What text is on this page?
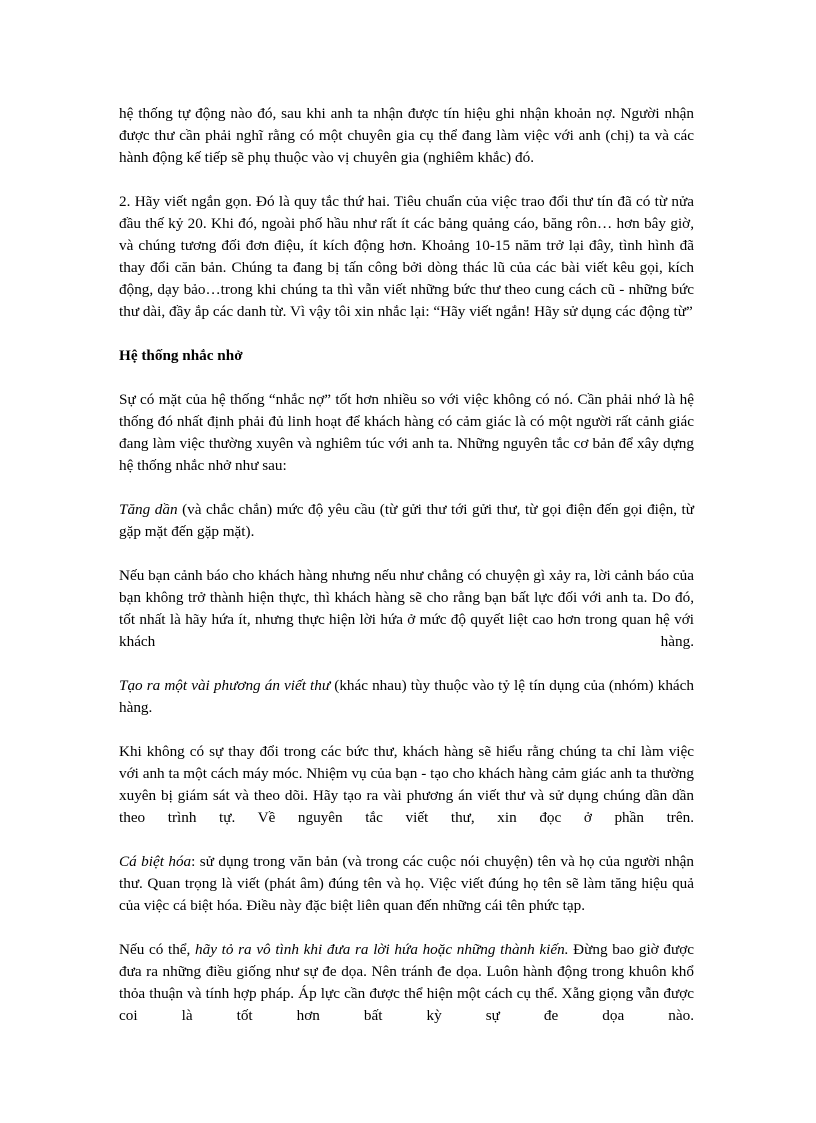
hệ thống tự động nào đó, sau khi anh ta nhận được tín hiệu ghi nhận khoản nợ. Người nhận được thư cần phải nghĩ rằng có một chuyên gia cụ thể đang làm việc với anh (chị) ta và các hành động kế tiếp sẽ phụ thuộc vào vị chuyên gia (nghiêm khắc) đó.

2. Hãy viết ngắn gọn. Đó là quy tắc thứ hai. Tiêu chuẩn của việc trao đổi thư tín đã có từ nửa đầu thế kỷ 20. Khi đó, ngoài phố hầu như rất ít các bảng quảng cáo, băng rôn… hơn bây giờ, và chúng tương đối đơn điệu, ít kích động hơn. Khoảng 10-15 năm trở lại đây, tình hình đã thay đổi căn bản. Chúng ta đang bị tấn công bởi dòng thác lũ của các bài viết kêu gọi, kích động, dạy bảo…trong khi chúng ta thì vẫn viết những bức thư theo cung cách cũ - những bức thư dài, đầy ắp các danh từ. Vì vậy tôi xin nhắc lại: “Hãy viết ngắn! Hãy sử dụng các động từ”

Hệ thống nhắc nhở

Sự có mặt của hệ thống “nhắc nợ” tốt hơn nhiều so với việc không có nó. Cần phải nhớ là hệ thống đó nhất định phải đủ linh hoạt để khách hàng có cảm giác là có một người rất cảnh giác đang làm việc thường xuyên và nghiêm túc với anh ta. Những nguyên tắc cơ bản để xây dựng hệ thống nhắc nhở như sau:

Tăng dần (và chắc chắn) mức độ yêu cầu (từ gửi thư tới gửi thư, từ gọi điện đến gọi điện, từ gặp mặt đến gặp mặt).

Nếu bạn cảnh báo cho khách hàng nhưng nếu như chẳng có chuyện gì xảy ra, lời cảnh báo của bạn không trở thành hiện thực, thì khách hàng sẽ cho rằng bạn bất lực đối với anh ta. Do đó, tốt nhất là hãy hứa ít, nhưng thực hiện lời hứa ở mức độ quyết liệt cao hơn trong quan hệ với khách hàng.

Tạo ra một vài phương án viết thư (khác nhau) tùy thuộc vào tỷ lệ tín dụng của (nhóm) khách hàng.

Khi không có sự thay đổi trong các bức thư, khách hàng sẽ hiểu rằng chúng ta chỉ làm việc với anh ta một cách máy móc. Nhiệm vụ của bạn - tạo cho khách hàng cảm giác anh ta thường xuyên bị giám sát và theo dõi. Hãy tạo ra vài phương án viết thư và sử dụng chúng dần dần theo trình tự. Về nguyên tắc viết thư, xin đọc ở phần trên.

Cá biệt hóa: sử dụng trong văn bản (và trong các cuộc nói chuyện) tên và họ của người nhận thư. Quan trọng là viết (phát âm) đúng tên và họ. Việc viết đúng họ tên sẽ làm tăng hiệu quả của việc cá biệt hóa. Điều này đặc biệt liên quan đến những cái tên phức tạp.

Nếu có thể, hãy tỏ ra vô tình khi đưa ra lời hứa hoặc những thành kiến. Đừng bao giờ được đưa ra những điều giống như sự đe dọa. Nên tránh đe dọa. Luôn hành động trong khuôn khổ thỏa thuận và tính hợp pháp. Áp lực cần được thể hiện một cách cụ thể. Xẵng giọng vẫn được coi là tốt hơn bất kỳ sự đe dọa nào.
